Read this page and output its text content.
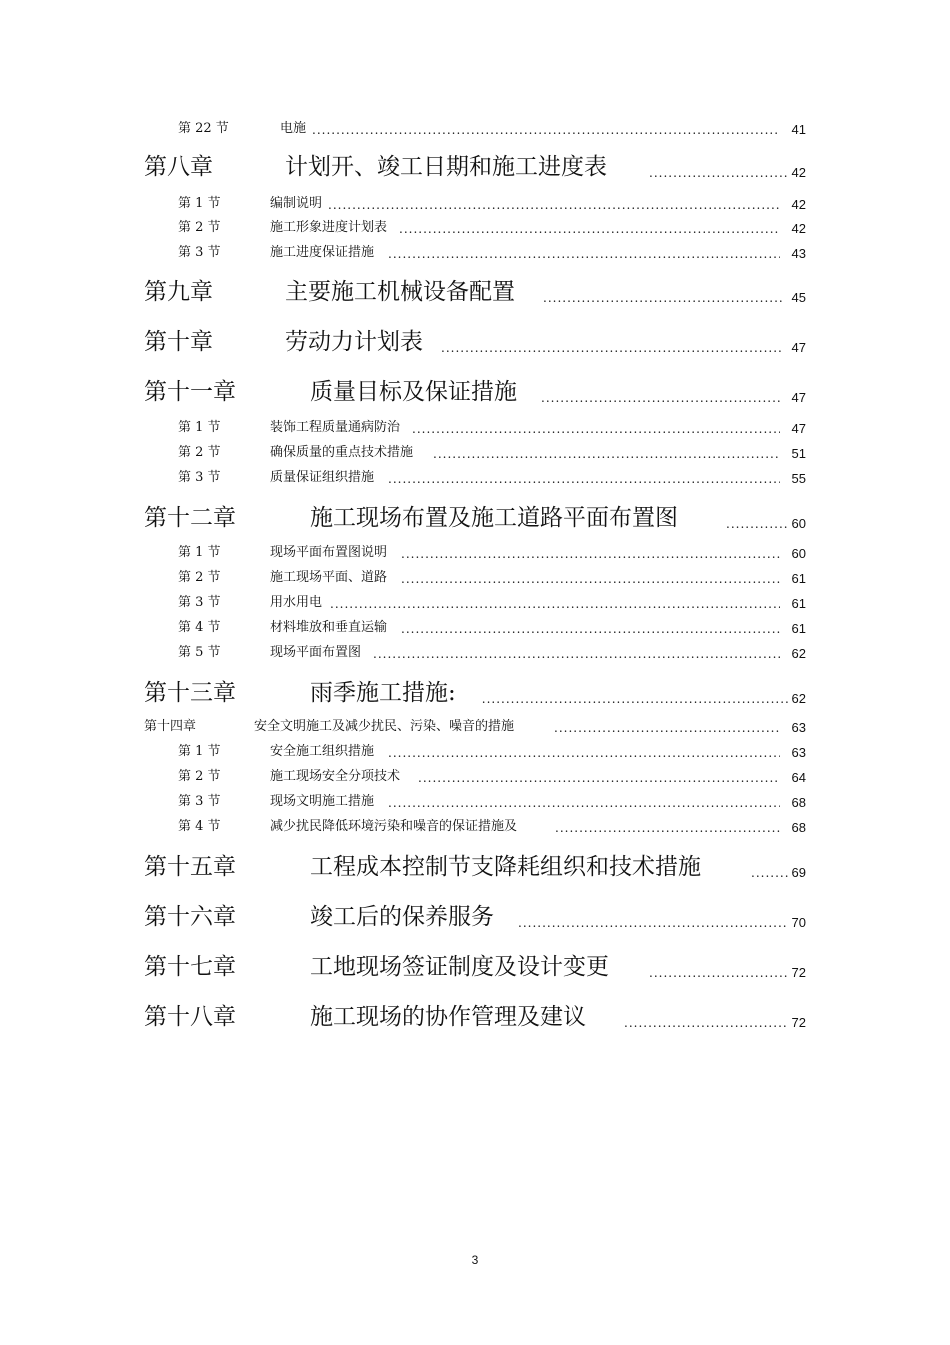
第 22 节	电施 .....	41
第八章	计划开、竣工日期和施工进度表 .....	42
第 1 节	编制说明 .....	42
第 2 节	施工形象进度计划表 .....	42
第 3 节	施工进度保证措施 .....	43
第九章	主要施工机械设备配置 .....	45
第十章	劳动力计划表 .....	47
第十一章	质量目标及保证措施 .....	47
第 1 节	装饰工程质量通病防治 .....	47
第 2 节	确保质量的重点技术措施 .....	51
第 3 节	质量保证组织措施 .....	55
第十二章	施工现场布置及施工道路平面布置图 .....	60
第 1 节	现场平面布置图说明 .....	60
第 2 节	施工现场平面、道路 .....	61
第 3 节	用水用电 .....	61
第 4 节	材料堆放和垂直运输 .....	61
第 5 节	现场平面布置图 .....	62
第十三章	雨季施工措施: .....	62
第十四章	安全文明施工及减少扰民、污染、噪音的措施 .....	63
第 1 节	安全施工组织措施 .....	63
第 2 节	施工现场安全分项技术 .....	64
第 3 节	现场文明施工措施 .....	68
第 4 节	减少扰民降低环境污染和噪音的保证措施及 .....	68
第十五章	工程成本控制节支降耗组织和技术措施 .....	69
第十六章	竣工后的保养服务 .....	70
第十七章	工地现场签证制度及设计变更 .....	72
第十八章	施工现场的协作管理及建议 .....	72
3
